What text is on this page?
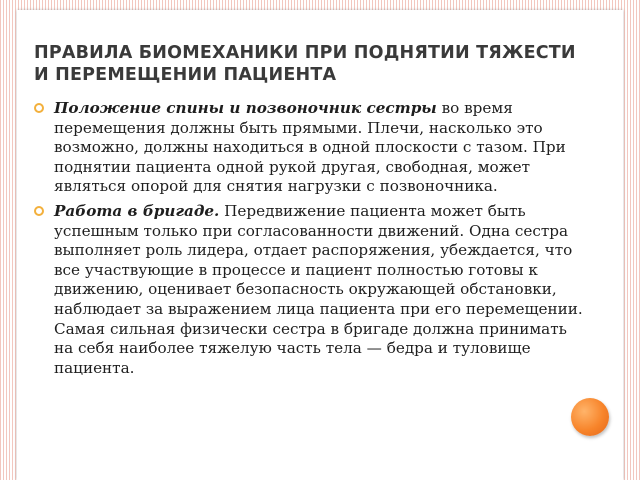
ПРАВИЛА БИОМЕХАНИКИ ПРИ ПОДНЯТИИ ТЯЖЕСТИ И ПЕРЕМЕЩЕНИИ ПАЦИЕНТА
Положение спины и позвоночник сестры во время перемещения должны быть прямыми. Плечи, насколько это возможно, должны находиться в одной плоскости с тазом. При поднятии пациента одной рукой другая, свободная, может являться опорой для снятия нагрузки с позвоночника.
Работа в бригаде. Передвижение пациента может быть успешным только при согласованности движений. Одна сестра выполняет роль лидера, отдает распоряжения, убеждается, что все участвующие в процессе и пациент полностью готовы к движению, оценивает безопасность окружающей обстановки, наблюдает за выражением лица пациента при его перемещении. Самая сильная физически сестра в бригаде должна принимать на себя наиболее тяжелую часть тела — бедра и туловище пациента.
